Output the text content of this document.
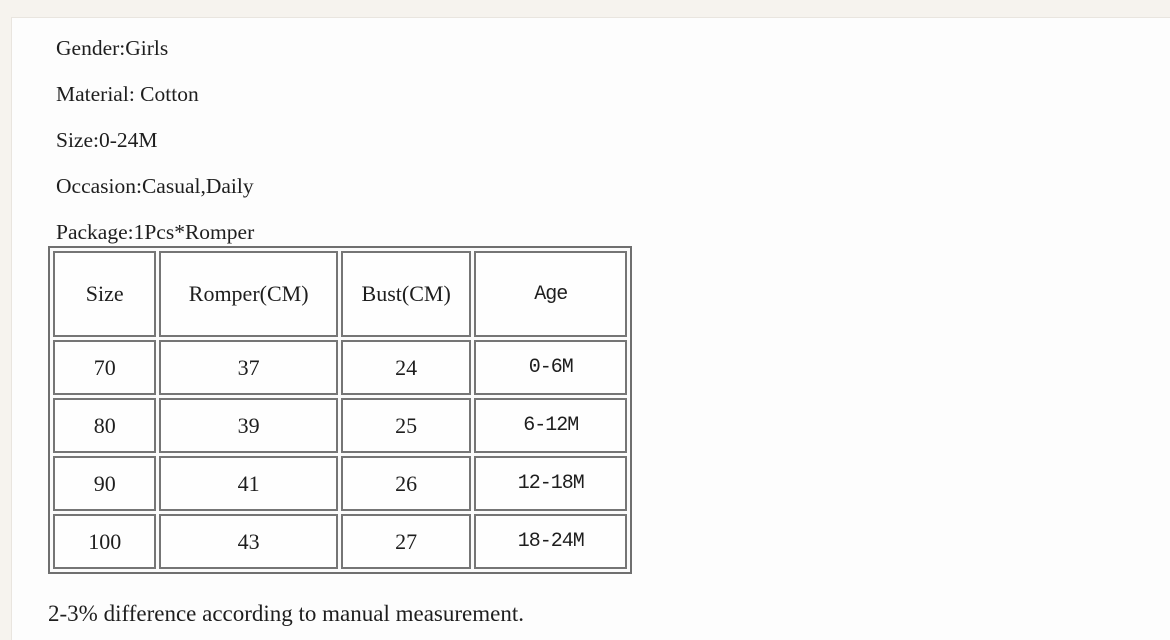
Gender:Girls

Material: Cotton

Size:0-24M

Occasion:Casual,Daily

Package:1Pcs*Romper

Size	Romper(CM)	Bust(CM)	Age
70	37	24	0-6M
80	39	25	6-12M
90	41	26	12-18M
100	43	27	18-24M

2-3% difference according to manual measurement.
